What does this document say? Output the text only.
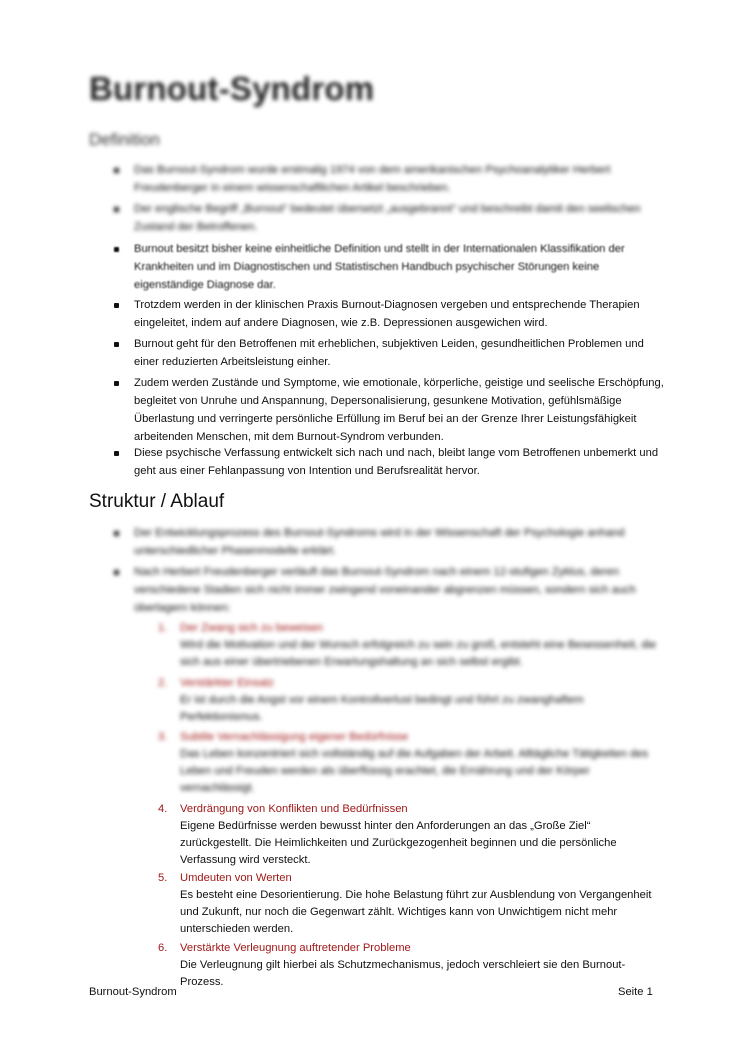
Burnout-Syndrom
Definition
Das Burnout-Syndrom wurde erstmalig 1974 von dem amerikanischen Psychoanalytiker Herbert Freudenberger in einem wissenschaftlichen Artikel beschrieben.
Der englische Begriff „Burnout“ bedeutet übersetzt „ausgebrannt“ und beschreibt damit den seelischen Zustand der Betroffenen.
Burnout besitzt bisher keine einheitliche Definition und stellt in der Internationalen Klassifikation der Krankheiten und im Diagnostischen und Statistischen Handbuch psychischer Störungen keine eigenständige Diagnose dar.
Trotzdem werden in der klinischen Praxis Burnout-Diagnosen vergeben und entsprechende Therapien eingeleitet, indem auf andere Diagnosen, wie z.B. Depressionen ausgewichen wird.
Burnout geht für den Betroffenen mit erheblichen, subjektiven Leiden, gesundheitlichen Problemen und einer reduzierten Arbeitsleistung einher.
Zudem werden Zustände und Symptome, wie emotionale, körperliche, geistige und seelische Erschöpfung, begleitet von Unruhe und Anspannung, Depersonalisierung, gesunkene Motivation, gefühlsmäßige Überlastung und verringerte persönliche Erfüllung im Beruf bei an der Grenze Ihrer Leistungsfähigkeit arbeitenden Menschen, mit dem Burnout-Syndrom verbunden.
Diese psychische Verfassung entwickelt sich nach und nach, bleibt lange vom Betroffenen unbemerkt und geht aus einer Fehlanpassung von Intention und Berufsrealität hervor.
Struktur / Ablauf
Der Entwicklungsprozess des Burnout-Syndroms wird in der Wissenschaft der Psychologie anhand unterschiedlicher Phasenmodelle erklärt.
Nach Herbert Freudenberger verläuft das Burnout-Syndrom nach einem 12-stufigen Zyklus, deren verschiedene Stadien sich nicht immer zwingend voneinander abgrenzen müssen, sondern sich auch überlagern können:
1. Der Zwang sich zu beweisen
Wird die Motivation und der Wunsch erfolgreich zu sein zu groß, entsteht eine Besessenheit, die sich aus einer übertriebenen Erwartungshaltung an sich selbst ergibt.
2. Verstärkter Einsatz
Er ist durch die Angst vor einem Kontrollverlust bedingt und führt zu zwanghaftem Perfektionismus.
3. Subtile Vernachlässigung eigener Bedürfnisse
Das Leben konzentriert sich vollständig auf die Aufgaben der Arbeit. Alltägliche Tätigkeiten des Leben und Freuden werden als überflüssig erachtet, die Ernährung und der Körper vernachlässigt.
4. Verdrängung von Konflikten und Bedürfnissen
Eigene Bedürfnisse werden bewusst hinter den Anforderungen an das „Große Ziel“ zurückgestellt. Die Heimlichkeiten und Zurückgezogenheit beginnen und die persönliche Verfassung wird versteckt.
5. Umdeuten von Werten
Es besteht eine Desorientierung. Die hohe Belastung führt zur Ausblendung von Vergangenheit und Zukunft, nur noch die Gegenwart zählt. Wichtiges kann von Unwichtigem nicht mehr unterschieden werden.
6. Verstärkte Verleugnung auftretender Probleme
Die Verleugnung gilt hierbei als Schutzmechanismus, jedoch verschleiert sie den Burnout-Prozess.
Burnout-Syndrom	Seite 1
